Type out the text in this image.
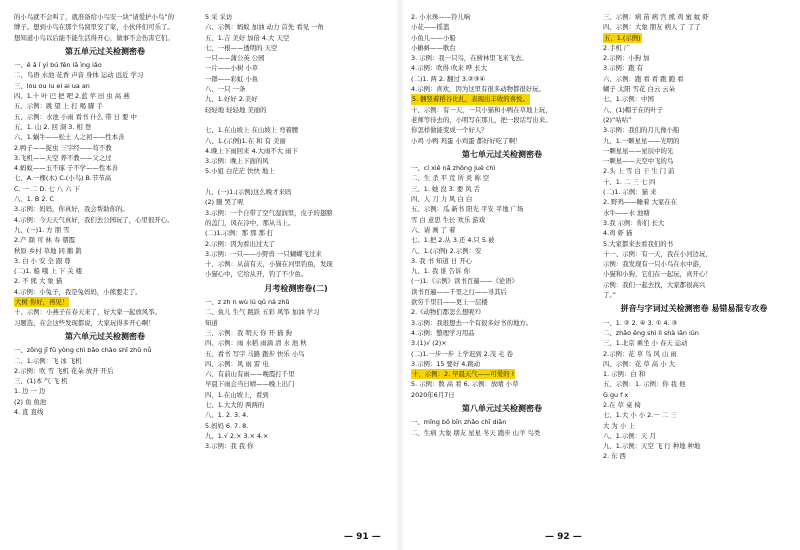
的小鸟就不会叫了，就准备给小鸟安一块“请爱护小鸟”的

牌子。想到小鸟在那个鸟窝里安了家，小伙伴们可乐了。

想知道小鸟以后能不能生活得开心，做事不会伤害它们。

第五单元过关检测密卷

一、ē ǎ ǐ yí bú fēn lā ìng iǎo

二、鸟语 水池 花香 声音 身体 运动 远近 学习

三、lou ou iu ei ai ua an

四、1.十 叶 巴 把 吧 2.蓝 苹 田 虫 高 燕

五、示例：跳 望 上 打 喝 脚 手

五、示例：水池 小雨 看书 什么 带 日 要 中

五、1. 山 2. 回 洞 3. 相 登

六、1.蜗牛——松土 人之初——性本善

2.鸭子——捉虫 三字经——苟不教

3.飞机——天空 养不教——父之过

4.蚂蚁——玉不琢 子不学——性本善

七、A.一棵(木) C.(小鸟) B.节节高

C. 一 二 D. 七 八 六 下

八、1. B 2. C

3.示例：妈妈，你真好，我会帮助你的。

4.示例：今天天气真好，我们去公园玩了，心里很开心。

九、(一)1. 方 朋 雪

2.产 颜 可 林 寿 朝霞

秋原 乡村 草地 同 鹅 鹊

3. 白 小 安 全 跟 尊

(二)1. 船 哦 上 下 关 楼

2. 不 熊 大 象 猫

4.示例：小兔子，我是兔妈妈，小熊要走了。

大树 你好，再见！

十、示例：小燕子在春天来了，好大家一起放风筝。

习题选，在会这些发现都说，大家玩得多开心啊！

第六单元过关检测密卷

一、zōng jī fǔ yòng chì bǎo chào shǐ zhǔ nǚ

二、1.示例：飞 冰 飞机

2.示例：吹 雪 飞机 花朵 放开 开后

三、(1)本 气 飞 机

1. 边 一 边

(2) 鱼 鱼池

4. 直 直线

5 采 采访

六、示例：蚂蚁 加油 动力 首先 看见 一角

五、1.吉 美好 加倍 4.大 天空

七、一根——透明的 天空

一只——蒲公英 公园

一片——小树 小草

一群——彩虹 小鱼

八、一只 一条

九、1.好好 2.美好

轻轻地 轻轻地 美丽的

七、1.在山坡上 在山坡上 弯着腰

八、1.(示例)1.在 和 有 美丽

4.晚上下雨回来 4.大雨不大 雨下

3.示例：晚上下面的风

5.小姐 白茫茫 快快 地上

九、(一)1.(示例)这么晚才来吗

(2) 腿 哭了呢

3.示例：一个自带了空气湿润里，皮子的翅膀

的盖门，风在冷中，那从马上。

(二)1.示例：那 那 那 打

2.示例：因为看出过大了

3.示例：一只——小野兽 一只蝴蝶飞过来

十、示例：从前有天，小猫在河里钓鱼，发现

小猫心中，它给从开，钓了不少鱼。

月考检测密卷(二)

一、z zh n wù lú qū ná zhǔ

二、鱼儿 生气 跳跃 五彩 风筝 加油 学习

知道

三、示例：我 明天 你 开 猫 狗

四、示例：雨 水稻 雨滴 清 水 池 秋

五、看书 写字 马路 跑步 快乐 小鸟

四、示例：风 雨 雷 电

六、有前山有雨——晚霞打千里

早晨下雨会当日晴——晚上出门

四、1.在山坡上，看到

七、1.大大的 两两的

八、1. 2. 3. 4.

5.妈妈 6. 7. 8.

九、1.√ 2.× 3.× 4.×

3.示例：我 我 你

2. 小水珠——铃儿响

小花——摇篮

小鱼儿——小船

小蝌蚪——歌台

3. 示例：我一只鸟，在树林里飞来飞去。

4.示例：吹得 吹来 哗 长大

(二)1. 两 2. 翻过 3.②③④

4.示例：喜欢，因为这里有很多动物都很好玩。

5. 捆竖着稻谷比扎，表现出丰收的喜悦。

十、示例：有一天，一只小猫和小鸭在草地上玩，

老师等待去的，小明写在那儿，把一段话写出来。

你怎样做能变成一个好人？

小鸡 小鸭 鸡蛋 小鸡蛋 都好好吃了啊！

第七单元过关检测密卷

一、cí xiě nǎ zhōng jué chì

二、生 杀 平 荒 所 炎 称 空

三、1. 她 没 3. 要 风 舌

四、人 刀 力 风 白 白

五、示例：瓜 新书 阳光 平安 平地 广场

雪 白 意思 生长 欢乐 游戏

六、请 画 了 着

七、1.把 2.从 3.还 4.只 5.被

八、1.(示例) 2.示例：安

3. 我 书 知道 日 开心

九、1. 我 谁 告诉 你

(一)1.《示例》读书百遍——《论语》

读书百遍——千里之行——寻其后

欲穷千里目——更上一层楼

2.《动物们都怎么想呢?》

3.示例：我很想去一个有很多好书的地方。

4.示例：整理学习用品

3.(1)√ (2)×

(二)1.一步一步 上学迟到 2.茂 毛 卷

3.示例：15 要好 4.跳动

十、示例：2. 早晨天气——可爱的 !

5. 示例：数 高 看 6. 示例：放晴 小草

2020年6月7日

第八单元过关检测密卷

一、mǐng bō bīn zhǎo chī diǎn

二、生病 大象 朋友 星星 冬天 跑步 山羊 鸟类

三、示例：病 苗 病 宫 熊 鸡 蜜 蚊 虾

四、示例：大象 朋友 病人 了 了了

五、1.(示例)

2.手机 广

2.示例：小狗 加

3.示例：跑 有

六、示例：跑 看 看 跑 跑 看

蝴子 太阳 雪花 白云 云朵

七、1.示例：中国

八、(1)帽子在的叶子

(2)“咕咕”

3.示例：我们的月儿像小船

九、1.一颗星星——光明的

一颗星星——星辰中的光

一颗星——天空中飞的鸟

2.头 上 雪 白 干 生 门 前

十、1. 二 三 七 四

(二)1. 示例：猫 来

2. 野鸡——睡着 大家在在

水牛——水 池塘

3.我 示例：你们 长大

4.鸡 虾 猫

5.大家都来去看我们的书

十一、示例：有一天，我在小河边玩，

示例：我发现有一只小鸟在水中游，

小猫和小狗，它们在一起玩，真开心！

示例：我们一起去找，大家都很高兴

了。”

拼音与字词过关检测密卷 易错易混专攻卷

一、1. ② 2. ④ 3. ① 4. ③

二、zhǎo ěng shì lì shà iān iūn

三、1.北京 乘坐 小 春天 运动

2.示例：花 草 鸟 风 山 雨

四、示例：花 草 高 小 大

1. 示例：白 和

五、示例：1. 示例：你 我 他

G gu f x

2.在 草 桌 椅

七、1.大 小 小 2.一 二 三

大 为 小 上

八、1.示例：天 月

九、1.示例：天空 飞 行 种地 种地

2. 东 西

— 91 —	— 92 —
